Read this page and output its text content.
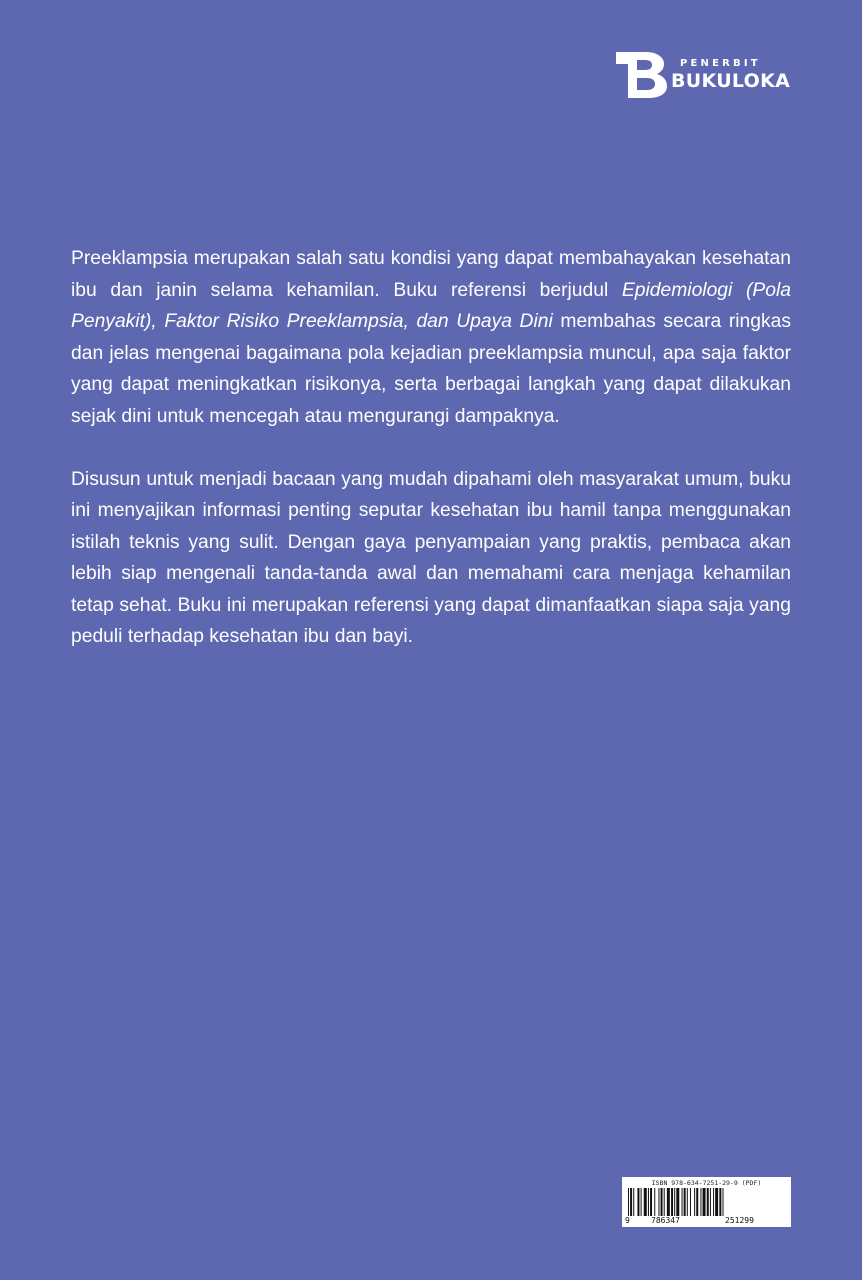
PENERBIT
BUKULOKA

Preeklampsia merupakan salah satu kondisi yang dapat membahayakan kesehatan ibu dan janin selama kehamilan. Buku referensi berjudul Epidemiologi (Pola Penyakit), Faktor Risiko Preeklampsia, dan Upaya Dini membahas secara ringkas dan jelas mengenai bagaimana pola kejadian preeklampsia muncul, apa saja faktor yang dapat meningkatkan risikonya, serta berbagai langkah yang dapat dilakukan sejak dini untuk mencegah atau mengurangi dampaknya.

Disusun untuk menjadi bacaan yang mudah dipahami oleh masyarakat umum, buku ini menyajikan informasi penting seputar kesehatan ibu hamil tanpa menggunakan istilah teknis yang sulit. Dengan gaya penyampaian yang praktis, pembaca akan lebih siap mengenali tanda-tanda awal dan memahami cara menjaga kehamilan tetap sehat. Buku ini merupakan referensi yang dapat dimanfaatkan siapa saja yang peduli terhadap kesehatan ibu dan bayi.

ISBN 978-634-7251-29-9 (PDF)
9	786347	251299
